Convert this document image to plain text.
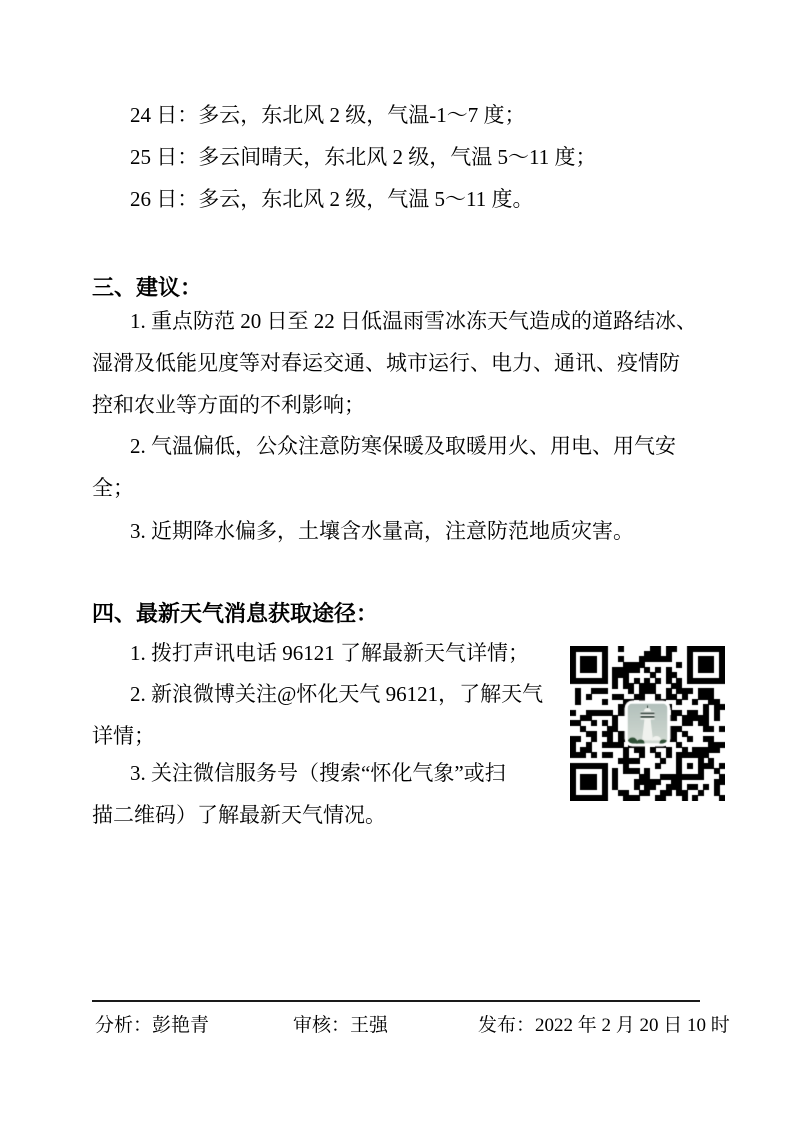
24 日：多云，东北风 2 级，气温-1～7 度；
25 日：多云间晴天，东北风 2 级，气温 5～11 度；
26 日：多云，东北风 2 级，气温 5～11 度。
三、建议：
1. 重点防范 20 日至 22 日低温雨雪冰冻天气造成的道路结冰、
湿滑及低能见度等对春运交通、城市运行、电力、通讯、疫情防
控和农业等方面的不利影响；
2. 气温偏低，公众注意防寒保暖及取暖用火、用电、用气安
全；
3. 近期降水偏多，土壤含水量高，注意防范地质灾害。
四、最新天气消息获取途径：
1. 拨打声讯电话 96121 了解最新天气详情；
2. 新浪微博关注@怀化天气 96121，了解天气
详情；
3. 关注微信服务号（搜索“怀化气象”或扫
描二维码）了解最新天气情况。
分析：彭艳青	审核：王强	发布：2022 年 2 月 20 日 10 时
